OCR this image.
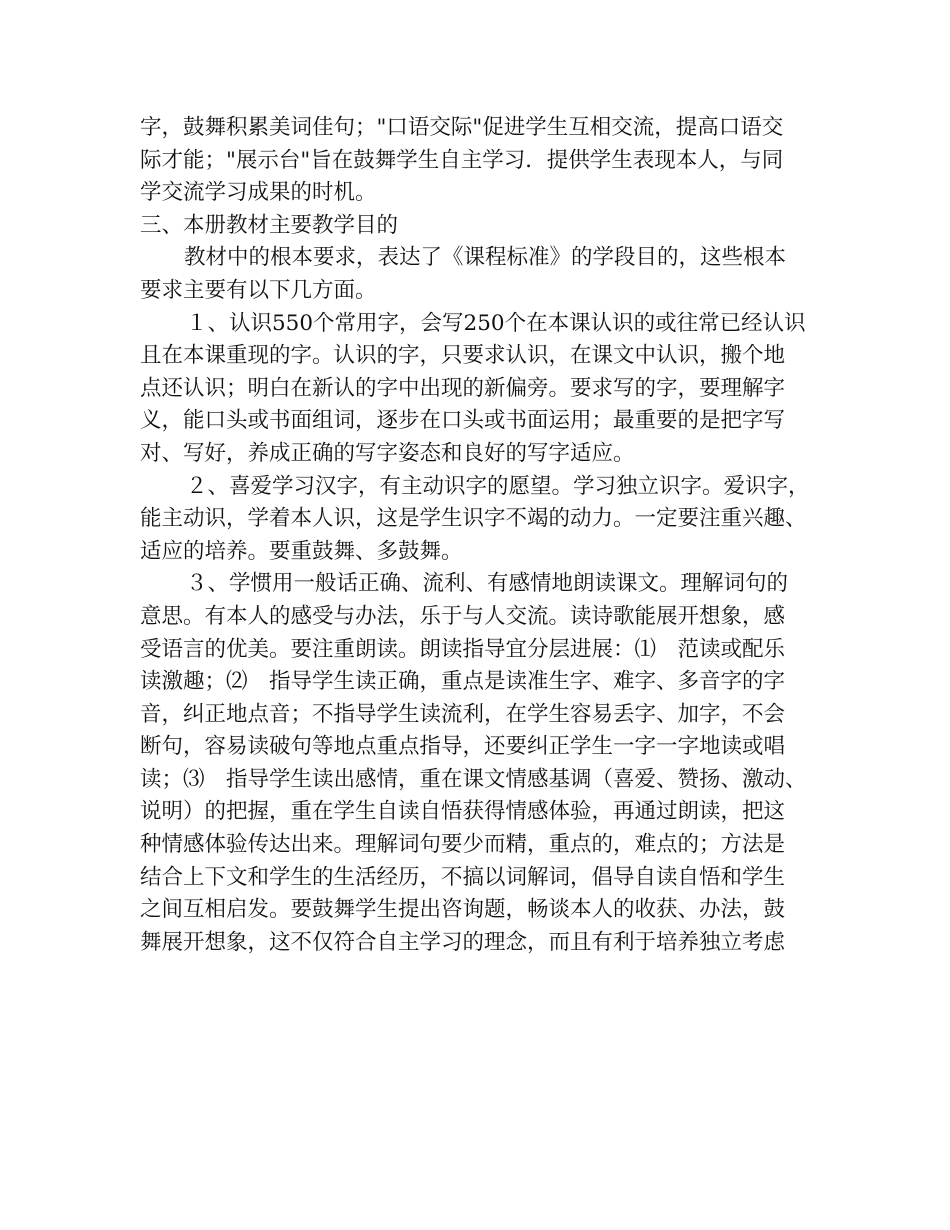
字，鼓舞积累美词佳句；"口语交际"促进学生互相交流，提高口语交

际才能；"展示台"旨在鼓舞学生自主学习．提供学生表现本人，与同

学交流学习成果的时机。

三、本册教材主要教学目的

教材中的根本要求，表达了《课程标准》的学段目的，这些根本

要求主要有以下几方面。

１、认识550个常用字，会写250个在本课认识的或往常已经认识

且在本课重现的字。认识的字，只要求认识，在课文中认识，搬个地

点还认识；明白在新认的字中出现的新偏旁。要求写的字，要理解字

义，能口头或书面组词，逐步在口头或书面运用；最重要的是把字写

对、写好，养成正确的写字姿态和良好的写字适应。

２、喜爱学习汉字，有主动识字的愿望。学习独立识字。爱识字，

能主动识，学着本人识，这是学生识字不竭的动力。一定要注重兴趣、

适应的培养。要重鼓舞、多鼓舞。

３、学惯用一般话正确、流利、有感情地朗读课文。理解词句的

意思。有本人的感受与办法，乐于与人交流。读诗歌能展开想象，感

受语言的优美。要注重朗读。朗读指导宜分层进展：⑴　范读或配乐

读激趣；⑵　指导学生读正确，重点是读准生字、难字、多音字的字

音，纠正地点音；不指导学生读流利，在学生容易丢字、加字，不会

断句，容易读破句等地点重点指导，还要纠正学生一字一字地读或唱

读；⑶　指导学生读出感情，重在课文情感基调（喜爱、赞扬、激动、

说明）的把握，重在学生自读自悟获得情感体验，再通过朗读，把这

种情感体验传达出来。理解词句要少而精，重点的，难点的；方法是

结合上下文和学生的生活经历，不搞以词解词，倡导自读自悟和学生

之间互相启发。要鼓舞学生提出咨询题，畅谈本人的收获、办法，鼓

舞展开想象，这不仅符合自主学习的理念，而且有利于培养独立考虑
